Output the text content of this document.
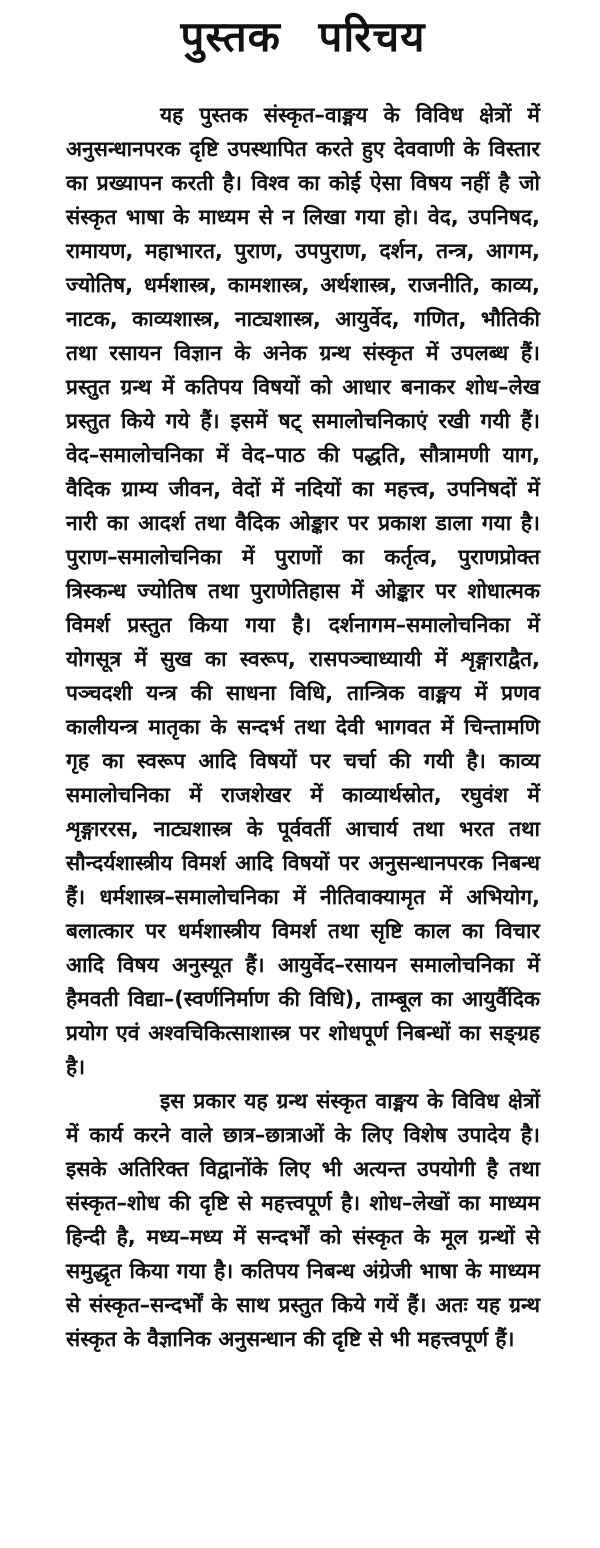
पुस्तक परिचय

यह पुस्तक संस्कृत–वाङ्मय के विविध क्षेत्रों में अनुसन्धानपरक दृष्टि उपस्थापित करते हुए देववाणी के विस्तार का प्रख्यापन करती है। विश्व का कोई ऐसा विषय नहीं है जो संस्कृत भाषा के माध्यम से न लिखा गया हो। वेद, उपनिषद, रामायण, महाभारत, पुराण, उपपुराण, दर्शन, तन्त्र, आगम, ज्योतिष, धर्मशास्त्र, कामशास्त्र, अर्थशास्त्र, राजनीति, काव्य, नाटक, काव्यशास्त्र, नाट्यशास्त्र, आयुर्वेद, गणित, भौतिकी तथा रसायन विज्ञान के अनेक ग्रन्थ संस्कृत में उपलब्ध हैं। प्रस्तुत ग्रन्थ में कतिपय विषयों को आधार बनाकर शोध–लेख प्रस्तुत किये गये हैं। इसमें षट् समालोचनिकाएं रखी गयी हैं। वेद–समालोचनिका में वेद–पाठ की पद्धति, सौत्रामणी याग, वैदिक ग्राम्य जीवन, वेदों में नदियों का महत्त्व, उपनिषदों में नारी का आदर्श तथा वैदिक ओङ्कार पर प्रकाश डाला गया है। पुराण–समालोचनिका में पुराणों का कर्तृत्व, पुराणप्रोक्त त्रिस्कन्ध ज्योतिष तथा पुराणेतिहास में ओङ्कार पर शोधात्मक विमर्श प्रस्तुत किया गया है। दर्शनागम–समालोचनिका में योगसूत्र में सुख का स्वरूप, रासपञ्चाध्यायी में शृङ्गाराद्वैत, पञ्चदशी यन्त्र की साधना विधि, तान्त्रिक वाङ्मय में प्रणव कालीयन्त्र मातृका के सन्दर्भ तथा देवी भागवत में चिन्तामणि गृह का स्वरूप आदि विषयों पर चर्चा की गयी है। काव्य समालोचनिका में राजशेखर में काव्यार्थस्रोत, रघुवंश में शृङ्गाररस, नाट्यशास्त्र के पूर्ववर्ती आचार्य तथा भरत तथा सौन्दर्यशास्त्रीय विमर्श आदि विषयों पर अनुसन्धानपरक निबन्ध हैं। धर्मशास्त्र–समालोचनिका में नीतिवाक्यामृत में अभियोग, बलात्कार पर धर्मशास्त्रीय विमर्श तथा सृष्टि काल का विचार आदि विषय अनुस्यूत हैं। आयुर्वेद–रसायन समालोचनिका में हैमवती विद्या–(स्वर्णनिर्माण की विधि), ताम्बूल का आयुर्वैदिक प्रयोग एवं अश्वचिकित्साशास्त्र पर शोधपूर्ण निबन्धों का सङ्ग्रह है।

इस प्रकार यह ग्रन्थ संस्कृत वाङ्मय के विविध क्षेत्रों में कार्य करने वाले छात्र–छात्राओं के लिए विशेष उपादेय है। इसके अतिरिक्त विद्वानोंके लिए भी अत्यन्त उपयोगी है तथा संस्कृत–शोध की दृष्टि से महत्त्वपूर्ण है। शोध–लेखों का माध्यम हिन्दी है, मध्य–मध्य में सन्दर्भों को संस्कृत के मूल ग्रन्थों से समुद्धृत किया गया है। कतिपय निबन्ध अंग्रेजी भाषा के माध्यम से संस्कृत–सन्दर्भों के साथ प्रस्तुत किये गयें हैं। अतः यह ग्रन्थ संस्कृत के वैज्ञानिक अनुसन्धान की दृष्टि से भी महत्त्वपूर्ण हैं।
